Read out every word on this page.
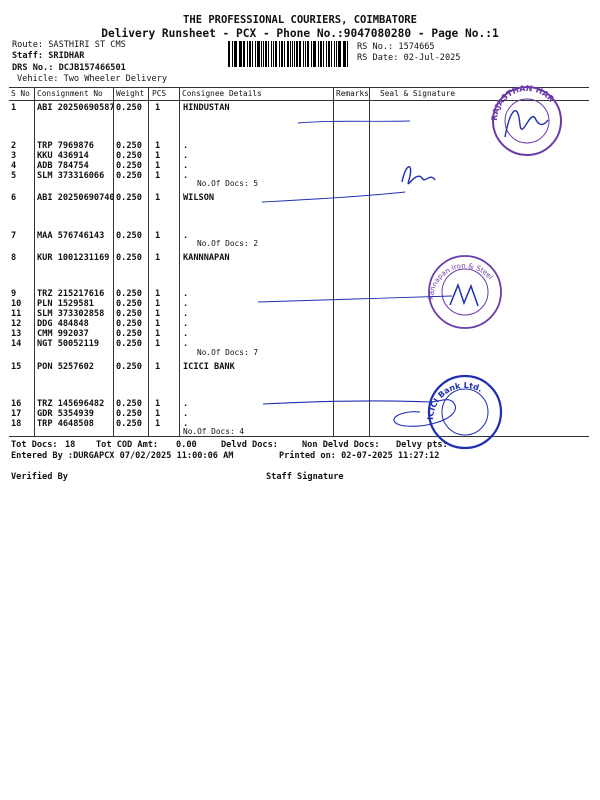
THE PROFESSIONAL COURIERS, COIMBATORE
Delivery Runsheet - PCX - Phone No.:9047080280 - Page No.:1
Route: SASTHIRI ST CMS
Staff: SRIDHAR
DRS No.: DCJB157466501
Vehicle: Two Wheeler Delivery
RS No.: 1574665
RS Date: 02-Jul-2025
S No Consignment No Weight PCS Consignee Details	Remarks Seal & Signature
1 ABI 20250690587 0.250 1	HINDUSTAN
2 TRP 7969876	0.250 1	.
3 KKU 436914	0.250 1	.
4 ADB 784754	0.250 1	.
5 SLM 373316066 0.250 1	.
6 ABI 20250690740 0.250 1	WILSON
7 MAA 576746143 0.250 1	.
8 KUR 1001231169 0.250 1	KANNNAPAN
9 TRZ 215217616 0.250 1	.
10 PLN 1529581	0.250 1	.
11 SLM 373302858 0.250 1	.
12 DDG 484848	0.250 1	.
13 CMM 992037	0.250 1	.
14 NGT 50052119 0.250 1	.
15 PON 5257602	0.250 1	ICICI BANK
16 TRZ 145696482 0.250 1	.
17 GDR 5354939	0.250 1	.
18 TRP 4648508	0.250 1	.
No.Of Docs: 5
No.Of Docs: 2
No.Of Docs: 7
No.Of Docs: 4
Tot Docs: 18 Tot COD Amt: 0.00	Delvd Docs:	Non Delvd Docs: Delvy pts:
Entered By :DURGAPCX 07/02/2025 11:00:06 AM	Printed on: 02-07-2025 11:27:12
Verified By	Staff Signature
RAJASTHAN HAR
Kannapan Iron & Steel
ICICI Bank Ltd.
